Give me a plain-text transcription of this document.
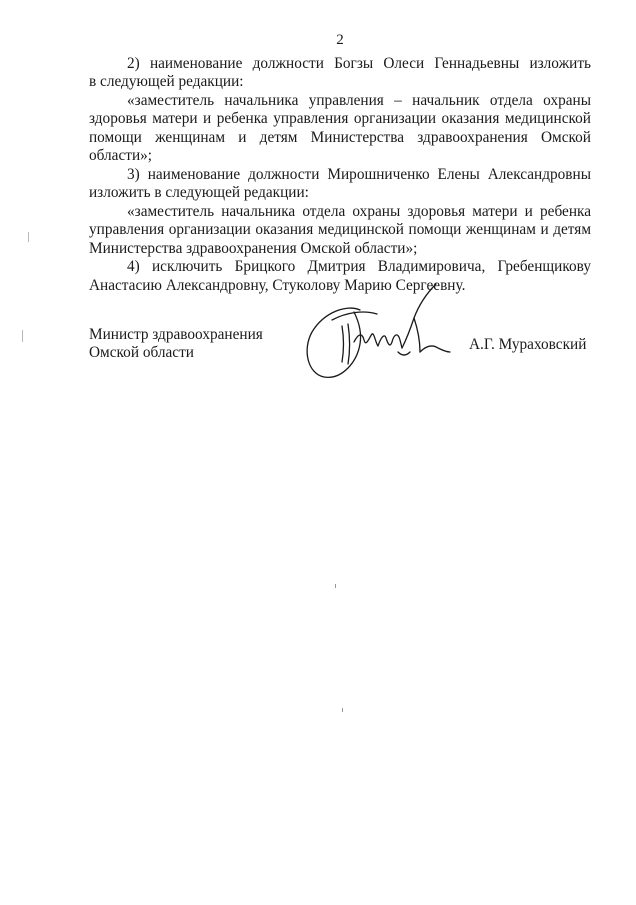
2
2) наименование должности Богзы Олеси Геннадьевны изложить
в следующей редакции:
«заместитель начальника управления – начальник отдела охраны
здоровья матери и ребенка управления организации оказания медицинской
помощи женщинам и детям Министерства здравоохранения Омской
области»;
3) наименование должности Мирошниченко Елены Александровны
изложить в следующей редакции:
«заместитель начальника отдела охраны здоровья матери и ребенка
управления организации оказания медицинской помощи женщинам и детям
Министерства здравоохранения Омской области»;
4) исключить Брицкого Дмитрия Владимировича, Гребенщикову
Анастасию Александровну, Стуколову Марию Сергеевну.
Министр здравоохранения
Омской области	А.Г. Мураховский
